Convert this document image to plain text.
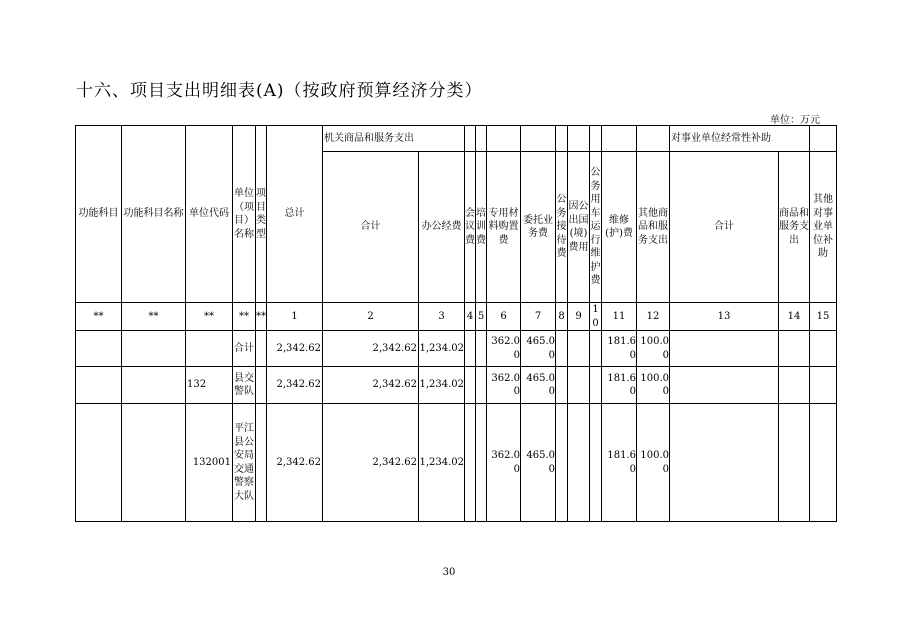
十六、项目支出明细表(A)（按政府预算经济分类）
单位：万元
功能科目	功能科目名称	单位代码	单位（项目）名称	项目类型	总计	机关商品和服务支出											对事业单位经常性补助		
						合计	办公经费	会议费	培训费	专用材料购置费	委托业务费	公务接待费	因公出国(境)费用	公务用车运行维护费	维修(护)费	其他商品和服务支出	合计	商品和服务支出	其他对事业单位补助
**	**	**	**	**	1	2	3	4	5	6	7	8	9	10	11	12	13	14	15
			合计		2,342.62	2,342.62	1,234.02			362.00	465.00				181.60	100.00			
		132	县交警队		2,342.62	2,342.62	1,234.02			362.00	465.00				181.60	100.00			
		132001	平江县公安局交通警察大队		2,342.62	2,342.62	1,234.02			362.00	465.00				181.60	100.00			
30
